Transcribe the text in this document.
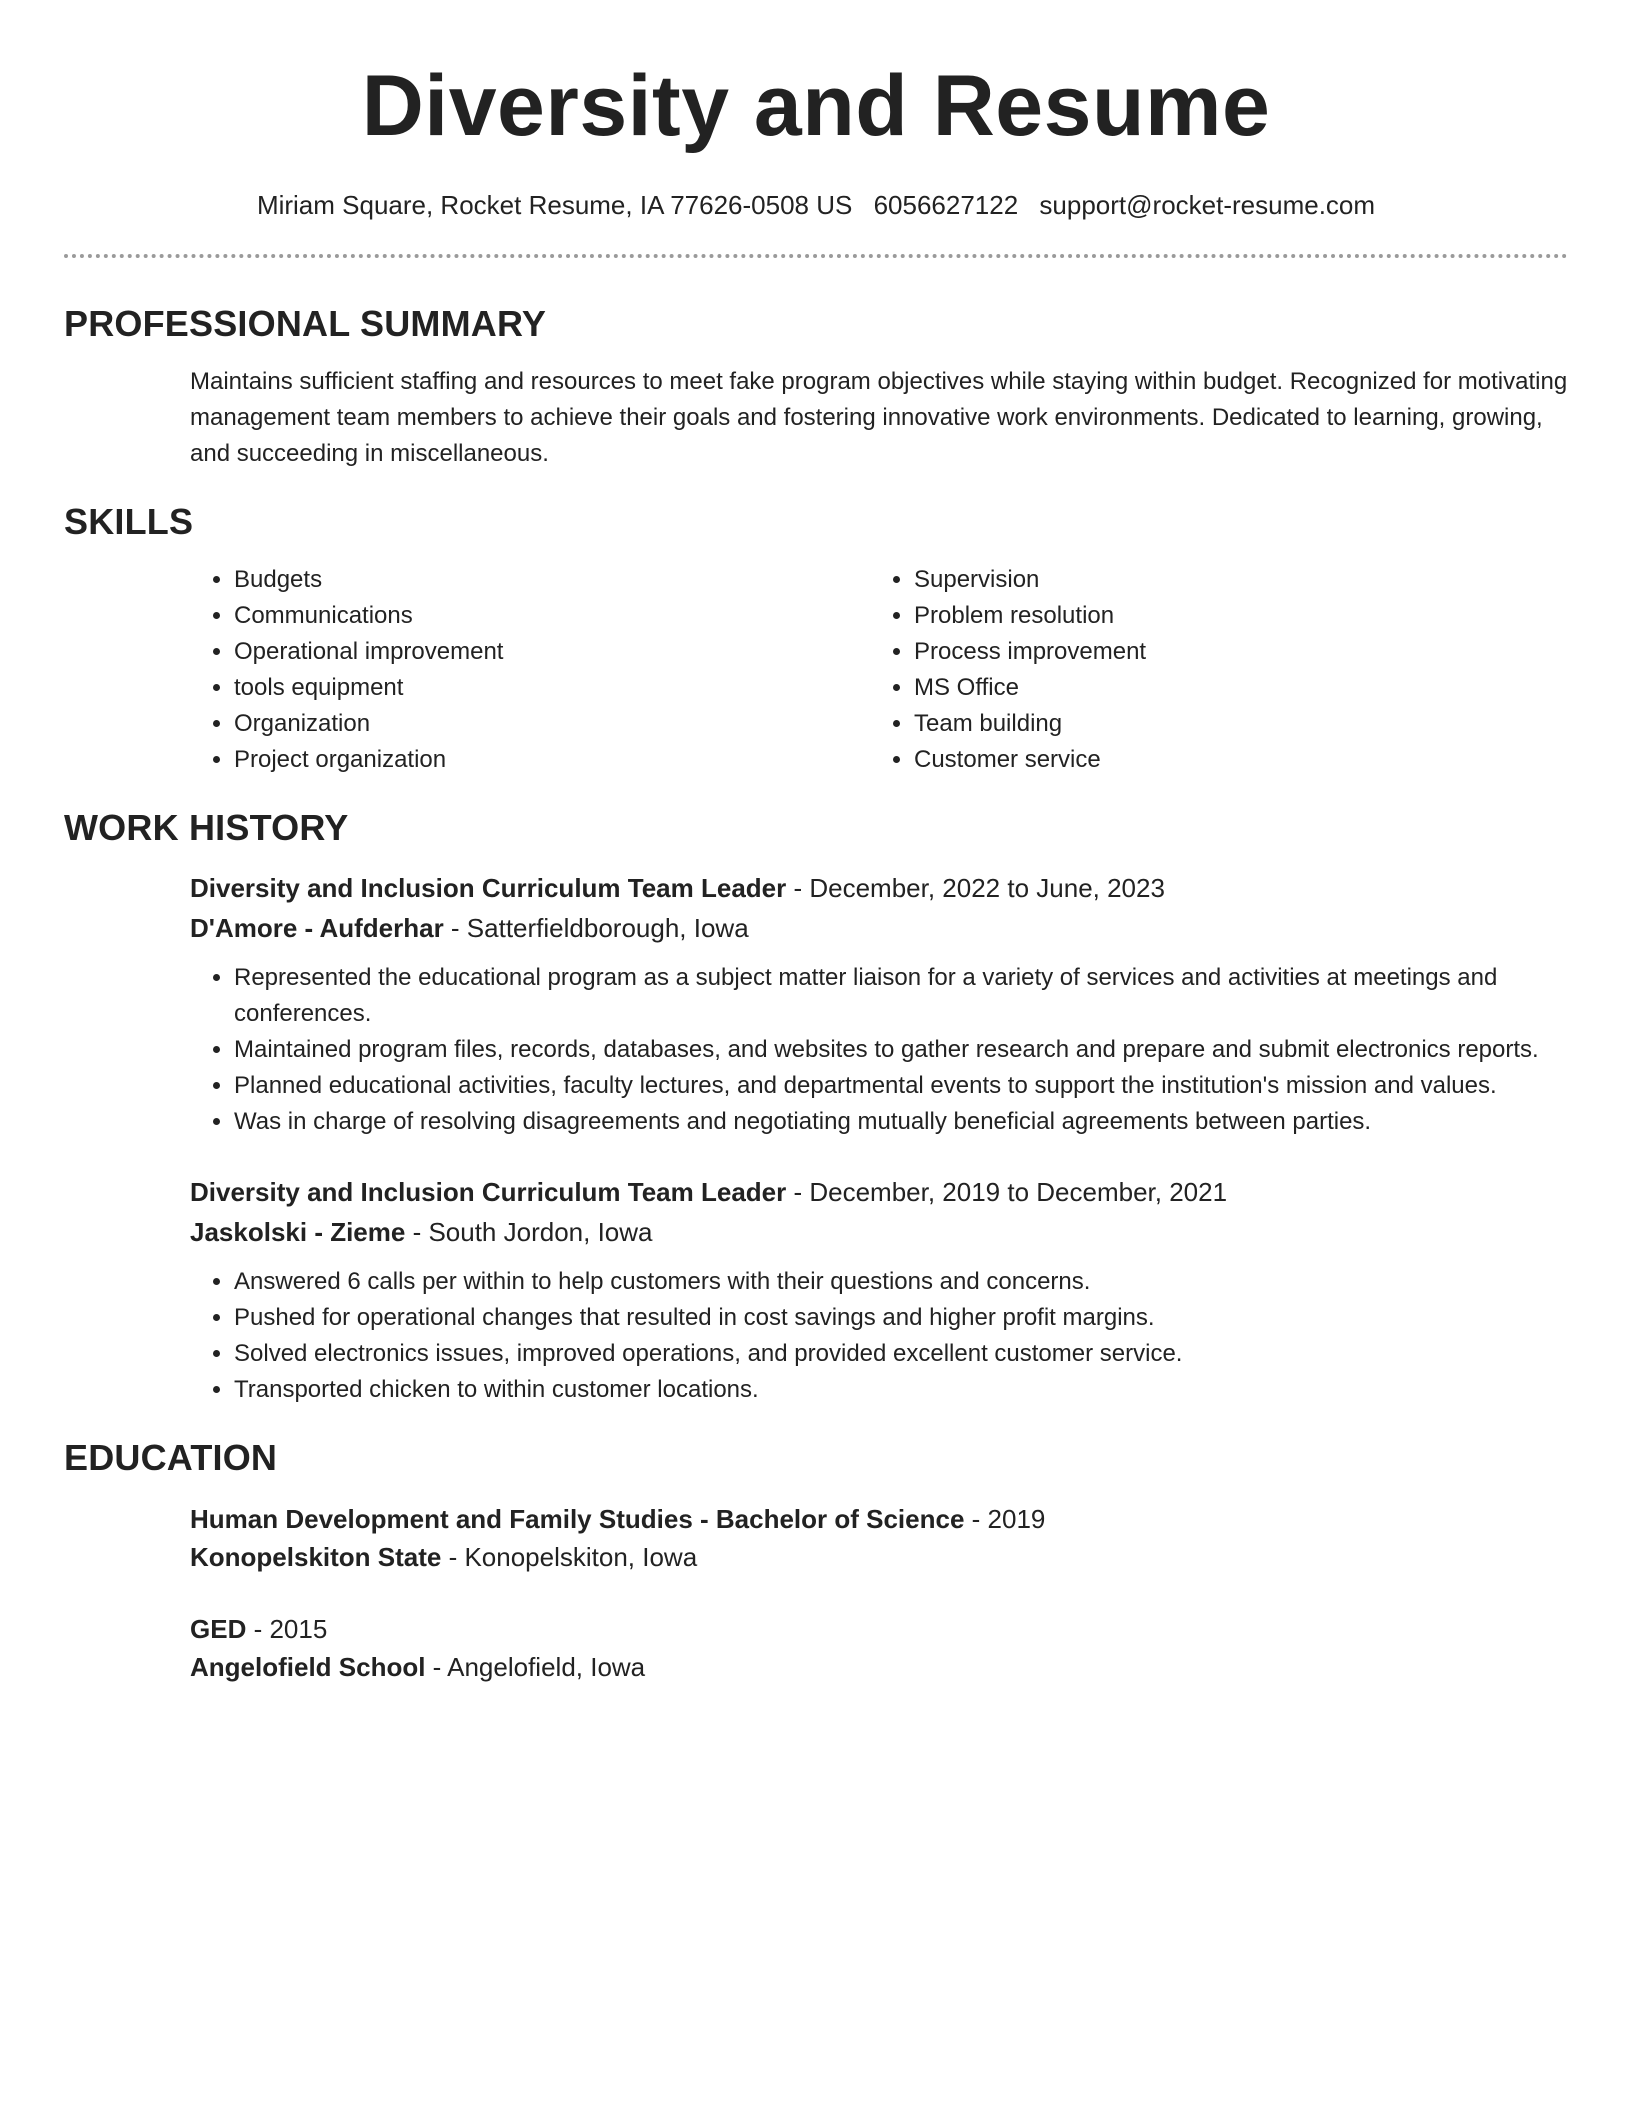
Diversity and Resume
Miriam Square, Rocket Resume, IA 77626-0508 US 6056627122 support@rocket-resume.com
PROFESSIONAL SUMMARY
Maintains sufficient staffing and resources to meet fake program objectives while staying within budget. Recognized for motivating management team members to achieve their goals and fostering innovative work environments. Dedicated to learning, growing, and succeeding in miscellaneous.
SKILLS
• Budgets
• Communications
• Operational improvement
• tools equipment
• Organization
• Project organization
• Supervision
• Problem resolution
• Process improvement
• MS Office
• Team building
• Customer service
WORK HISTORY
Diversity and Inclusion Curriculum Team Leader - December, 2022 to June, 2023
D'Amore - Aufderhar - Satterfieldborough, Iowa
• Represented the educational program as a subject matter liaison for a variety of services and activities at meetings and conferences.
• Maintained program files, records, databases, and websites to gather research and prepare and submit electronics reports.
• Planned educational activities, faculty lectures, and departmental events to support the institution's mission and values.
• Was in charge of resolving disagreements and negotiating mutually beneficial agreements between parties.
Diversity and Inclusion Curriculum Team Leader - December, 2019 to December, 2021
Jaskolski - Zieme - South Jordon, Iowa
• Answered 6 calls per within to help customers with their questions and concerns.
• Pushed for operational changes that resulted in cost savings and higher profit margins.
• Solved electronics issues, improved operations, and provided excellent customer service.
• Transported chicken to within customer locations.
EDUCATION
Human Development and Family Studies - Bachelor of Science - 2019
Konopelskiton State - Konopelskiton, Iowa
GED - 2015
Angelofield School - Angelofield, Iowa
